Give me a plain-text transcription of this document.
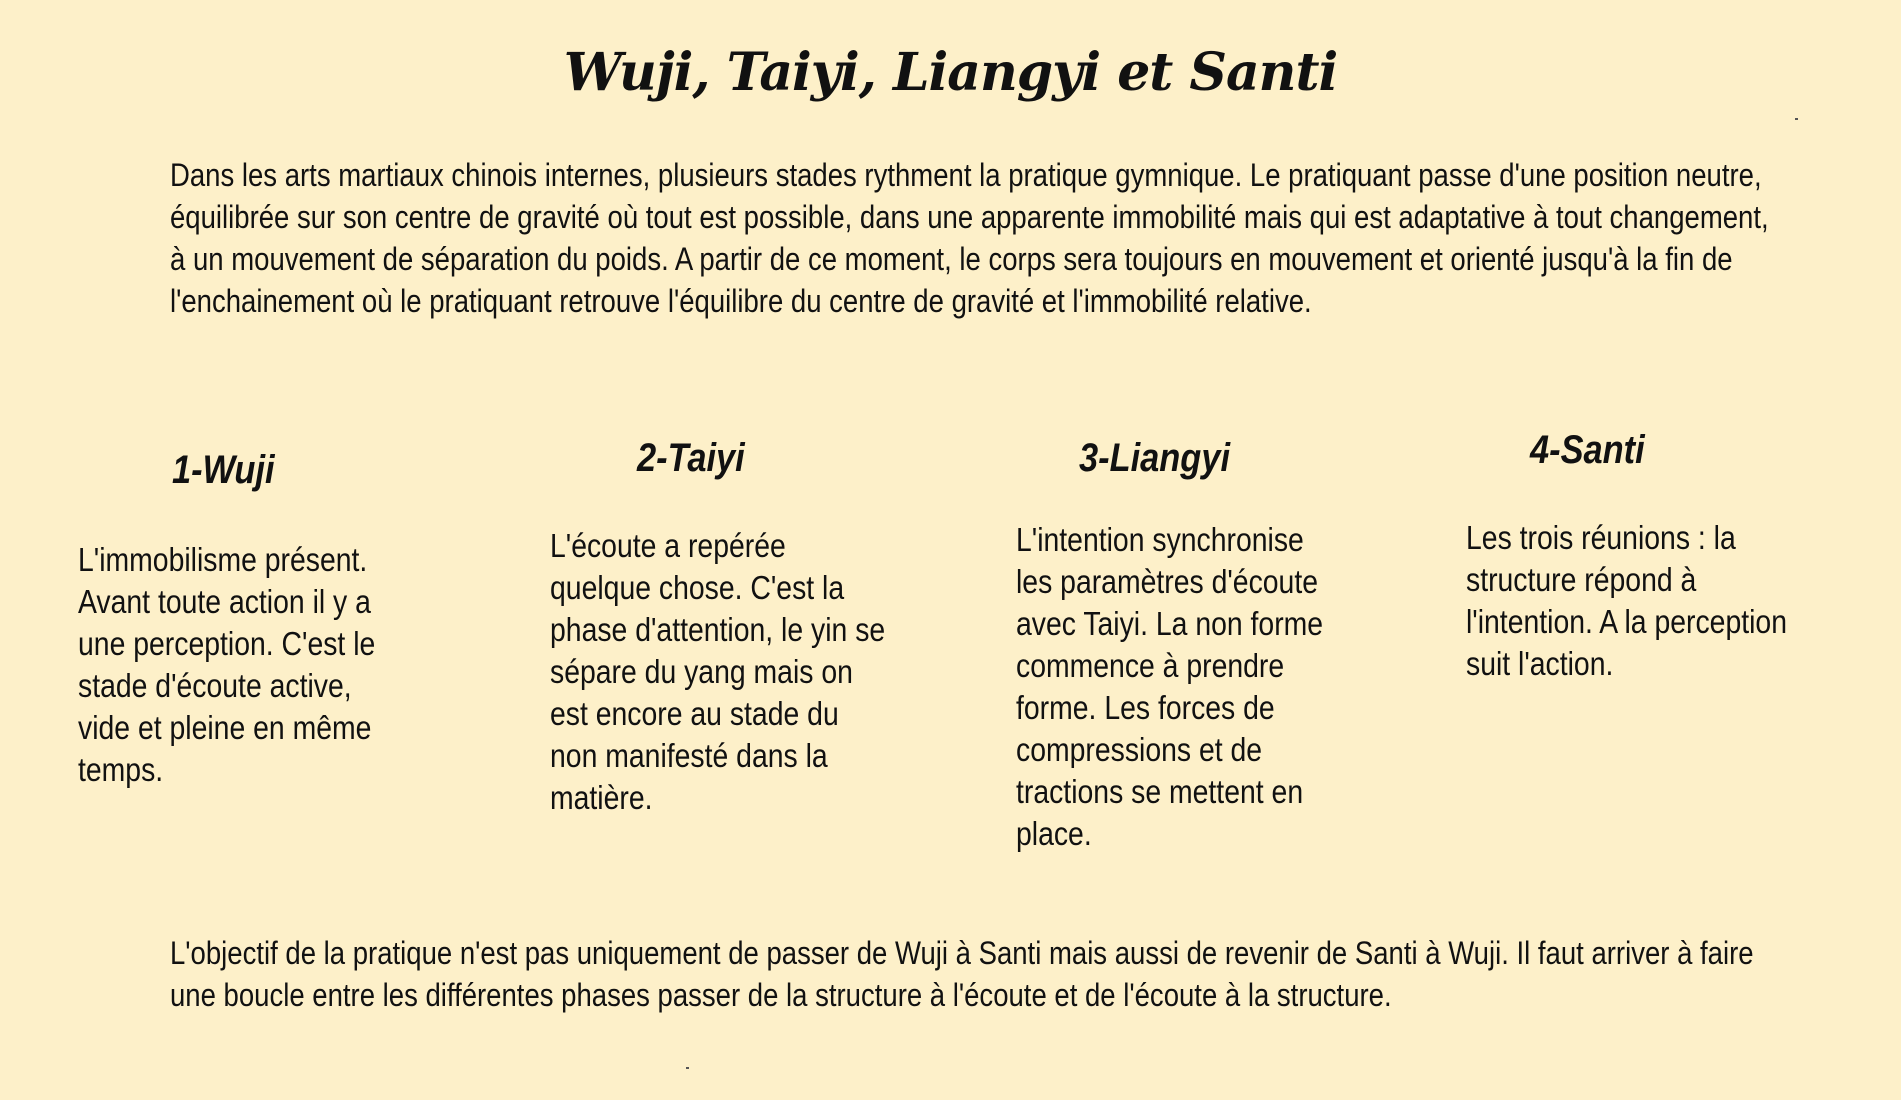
Wuji, Taiyi, Liangyi et Santi
Dans les arts martiaux chinois internes, plusieurs stades rythment la pratique gymnique. Le pratiquant passe d'une position neutre, équilibrée sur son centre de gravité où tout est possible, dans une apparente immobilité mais qui est adaptative à tout changement, à un mouvement de séparation du poids. A partir de ce moment, le corps sera toujours en mouvement et orienté jusqu'à la fin de l'enchainement où le pratiquant retrouve l'équilibre du centre de gravité et l'immobilité relative.
1-Wuji
L'immobilisme présent. Avant toute action il y a une perception. C'est le stade d'écoute active, vide et pleine en même temps.
2-Taiyi
L'écoute a repérée quelque chose. C'est la phase d'attention, le yin se sépare du yang mais on est encore au stade du non manifesté dans la matière.
3-Liangyi
L'intention synchronise les paramètres d'écoute avec Taiyi. La non forme commence à prendre forme. Les forces de compressions et de tractions se mettent en place.
4-Santi
Les trois réunions : la structure répond à l'intention. A la perception suit l'action.
L'objectif de la pratique n'est pas uniquement de passer de Wuji à Santi mais aussi de revenir de Santi à Wuji. Il faut arriver à faire une boucle entre les différentes phases passer de la structure à l'écoute et de l'écoute à la structure.
